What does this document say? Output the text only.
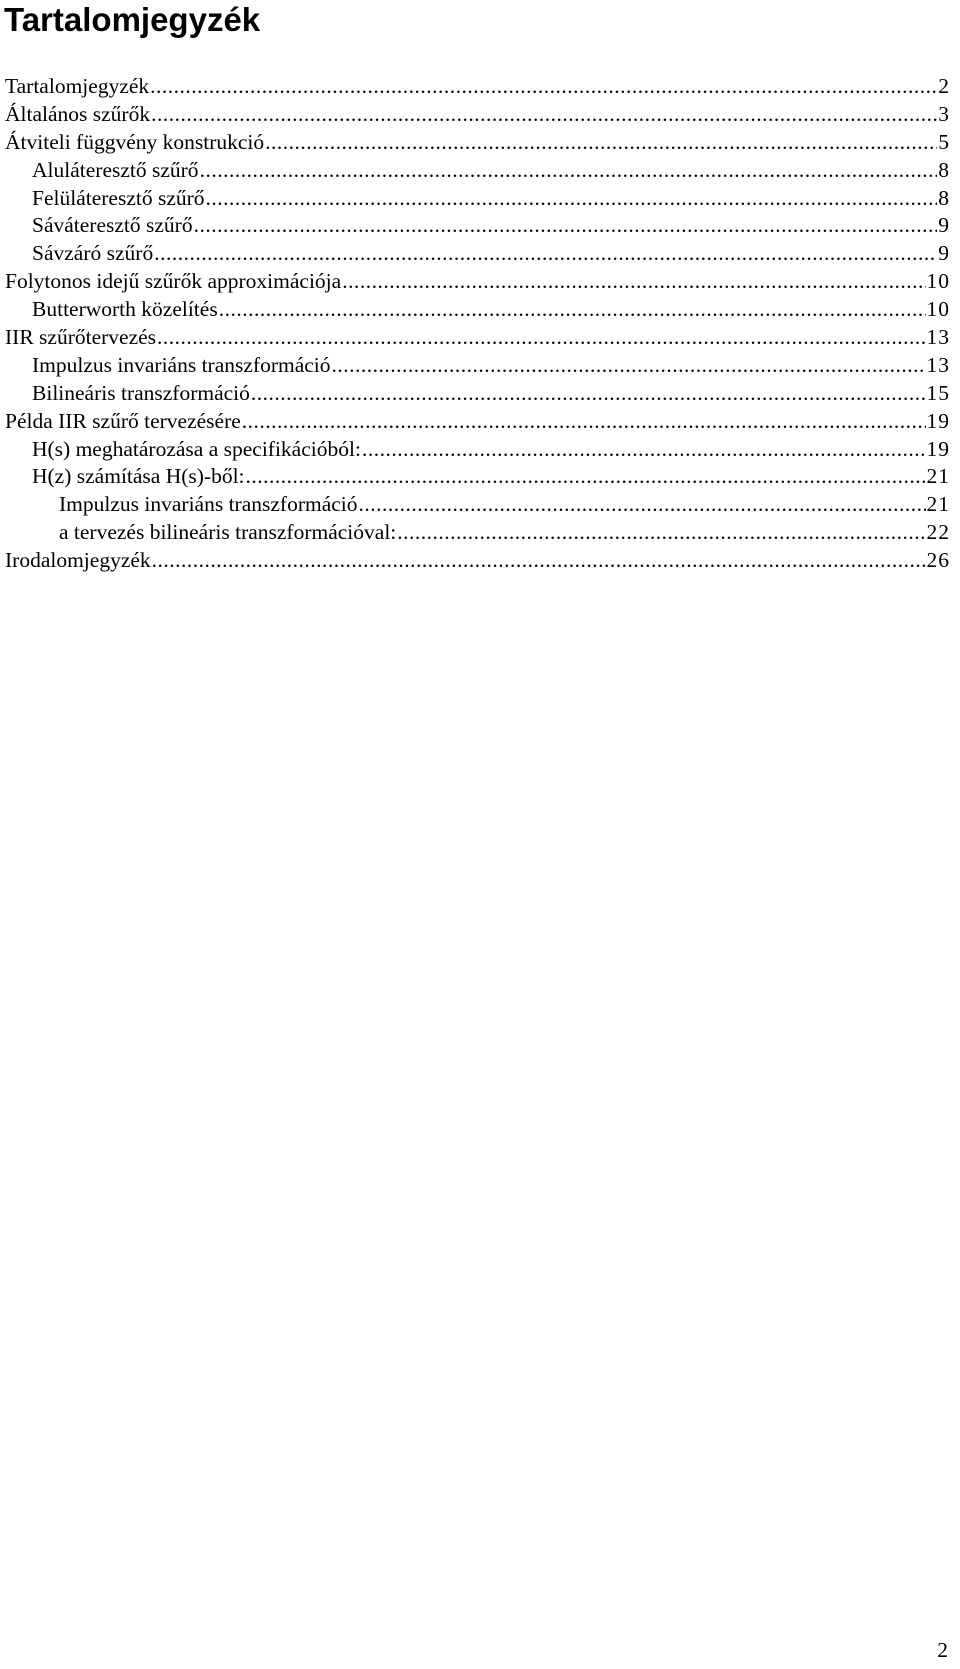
Tartalomjegyzék
Tartalomjegyzék .....	2
Általános szűrők .....	3
Átviteli függvény konstrukció .....	5
Aluláteresztő szűrő .....	8
Felüláteresztő szűrő .....	8
Sáváteresztő szűrő .....	9
Sávzáró szűrő .....	9
Folytonos idejű szűrők approximációja .....	10
Butterworth közelítés .....	10
IIR szűrőtervezés .....	13
Impulzus invariáns transzformáció .....	13
Bilineáris transzformáció .....	15
Példa IIR szűrő tervezésére .....	19
H(s) meghatározása a specifikációból: .....	19
H(z) számítása H(s)-ből: .....	21
Impulzus invariáns transzformáció .....	21
a tervezés bilineáris transzformációval: .....	22
Irodalomjegyzék .....	26
2
